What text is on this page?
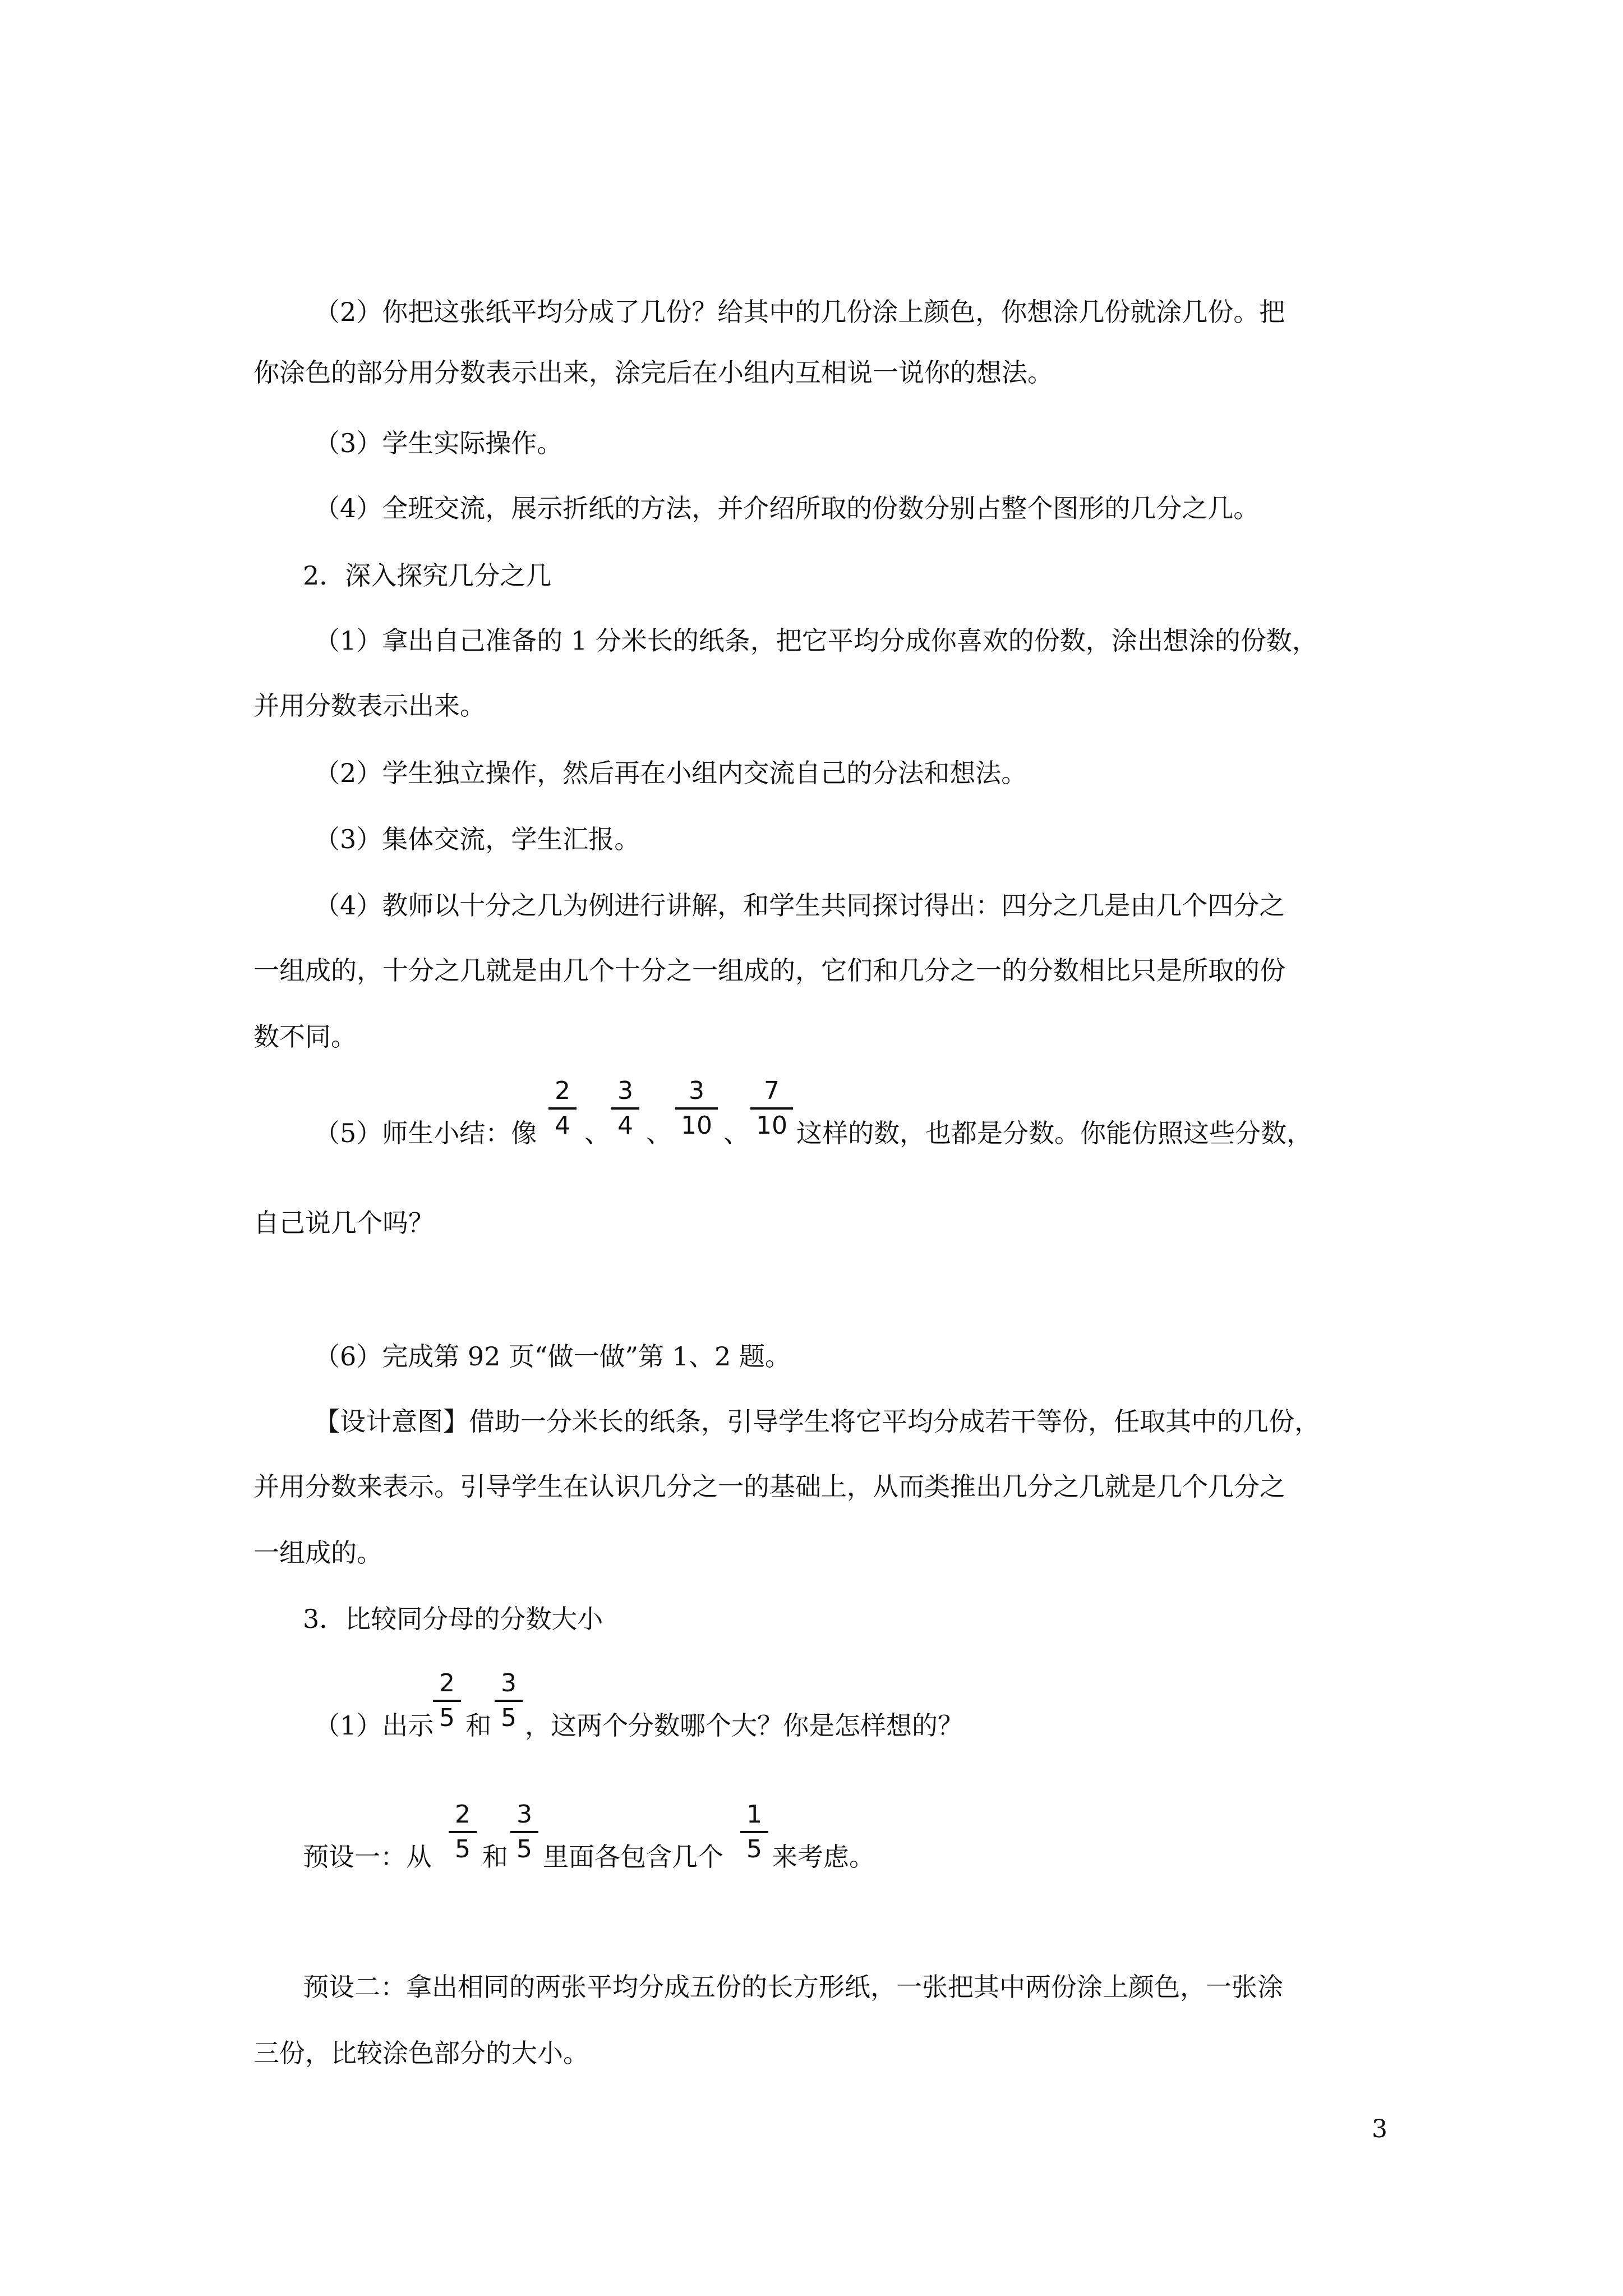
（2）你把这张纸平均分成了几份？给其中的几份涂上颜色，你想涂几份就涂几份。把
你涂色的部分用分数表示出来，涂完后在小组内互相说一说你的想法。
（3）学生实际操作。
（4）全班交流，展示折纸的方法，并介绍所取的份数分别占整个图形的几分之几。
2．深入探究几分之几
（1）拿出自己准备的 1 分米长的纸条，把它平均分成你喜欢的份数，涂出想涂的份数，
并用分数表示出来。
（2）学生独立操作，然后再在小组内交流自己的分法和想法。
（3）集体交流，学生汇报。
（4）教师以十分之几为例进行讲解，和学生共同探讨得出：四分之几是由几个四分之
一组成的，十分之几就是由几个十分之一组成的，它们和几分之一的分数相比只是所取的份
数不同。
（5）师生小结：像
2
4 、
3
4 、
3
10 、
7
10 这样的数，也都是分数。你能仿照这些分数，
自己说几个吗？
（6）完成第 92 页“做一做”第 1、2 题。
【设计意图】借助一分米长的纸条，引导学生将它平均分成若干等份，任取其中的几份，
并用分数来表示。引导学生在认识几分之一的基础上，从而类推出几分之几就是几个几分之
一组成的。
3．比较同分母的分数大小
（1）出示
2
5 和
3
5 ，这两个分数哪个大？你是怎样想的？
预设一：从
2
5 和
3
5 里面各包含几个
1
5 来考虑。
预设二：拿出相同的两张平均分成五份的长方形纸，一张把其中两份涂上颜色，一张涂
三份，比较涂色部分的大小。
3
